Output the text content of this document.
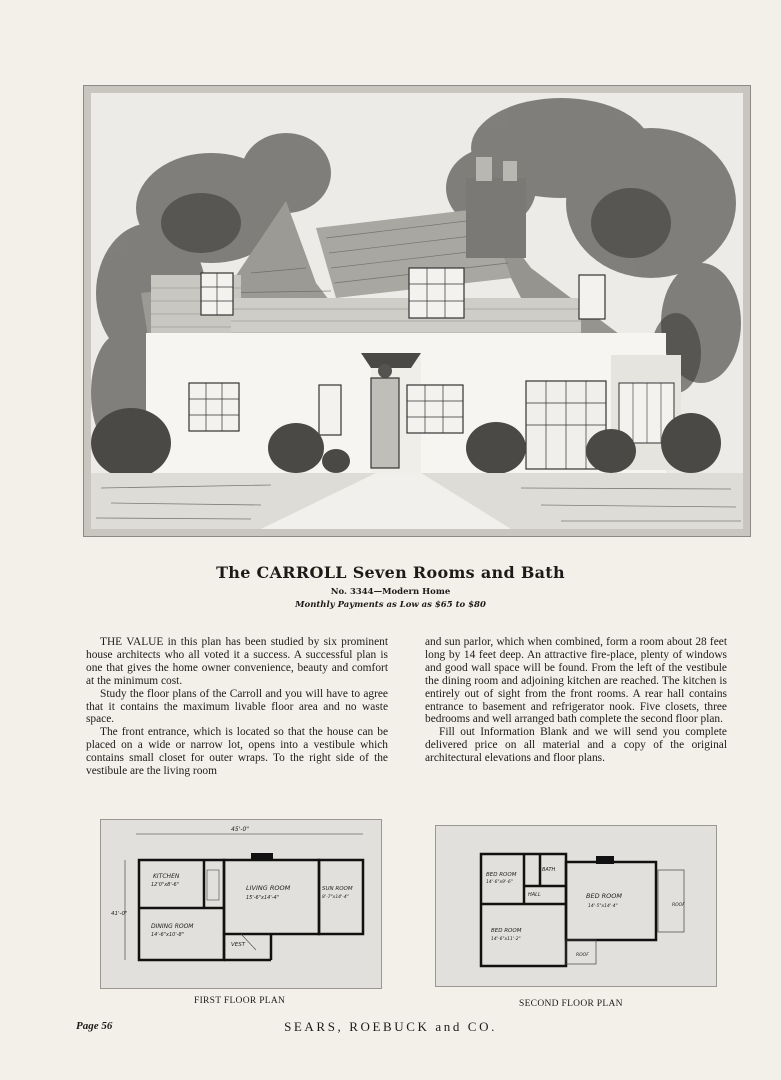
The CARROLL Seven Rooms and Bath
No. 3344—Modern Home
Monthly Payments as Low as $65 to $80

THE VALUE in this plan has been studied by six prominent house architects who all voted it a success. A successful plan is one that gives the home owner convenience, beauty and comfort at the minimum cost.

Study the floor plans of the Carroll and you will have to agree that it contains the maximum livable floor area and no waste space.

The front entrance, which is located so that the house can be placed on a wide or narrow lot, opens into a vestibule which contains small closet for outer wraps. To the right side of the vestibule are the living room

and sun parlor, which when combined, form a room about 28 feet long by 14 feet deep. An attractive fire-place, plenty of windows and good wall space will be found. From the left of the vestibule the dining room and adjoining kitchen are reached. The kitchen is entirely out of sight from the front rooms. A rear hall contains entrance to basement and refrigerator nook. Five closets, three bedrooms and well arranged bath complete the second floor plan.

Fill out Information Blank and we will send you complete delivered price on all material and a copy of the original architectural elevations and floor plans.

45'-0"
41'-0"
KITCHEN
12'0"x8'-6"	LIVING ROOM
15'-6"x14'-4"
SUN ROOM
8'-7"x14'-4"
DINING ROOM
14'-6"x10'-8"
VEST
FIRST FLOOR PLAN
BED ROOM
14'-6"x9'-6"
HALL
BATH
BED ROOM
14'-5"x14'-4"
BED ROOM
14'-6"x11'-2"
ROOF
ROOF
SECOND FLOOR PLAN
Page 56	SEARS, ROEBUCK and CO.
